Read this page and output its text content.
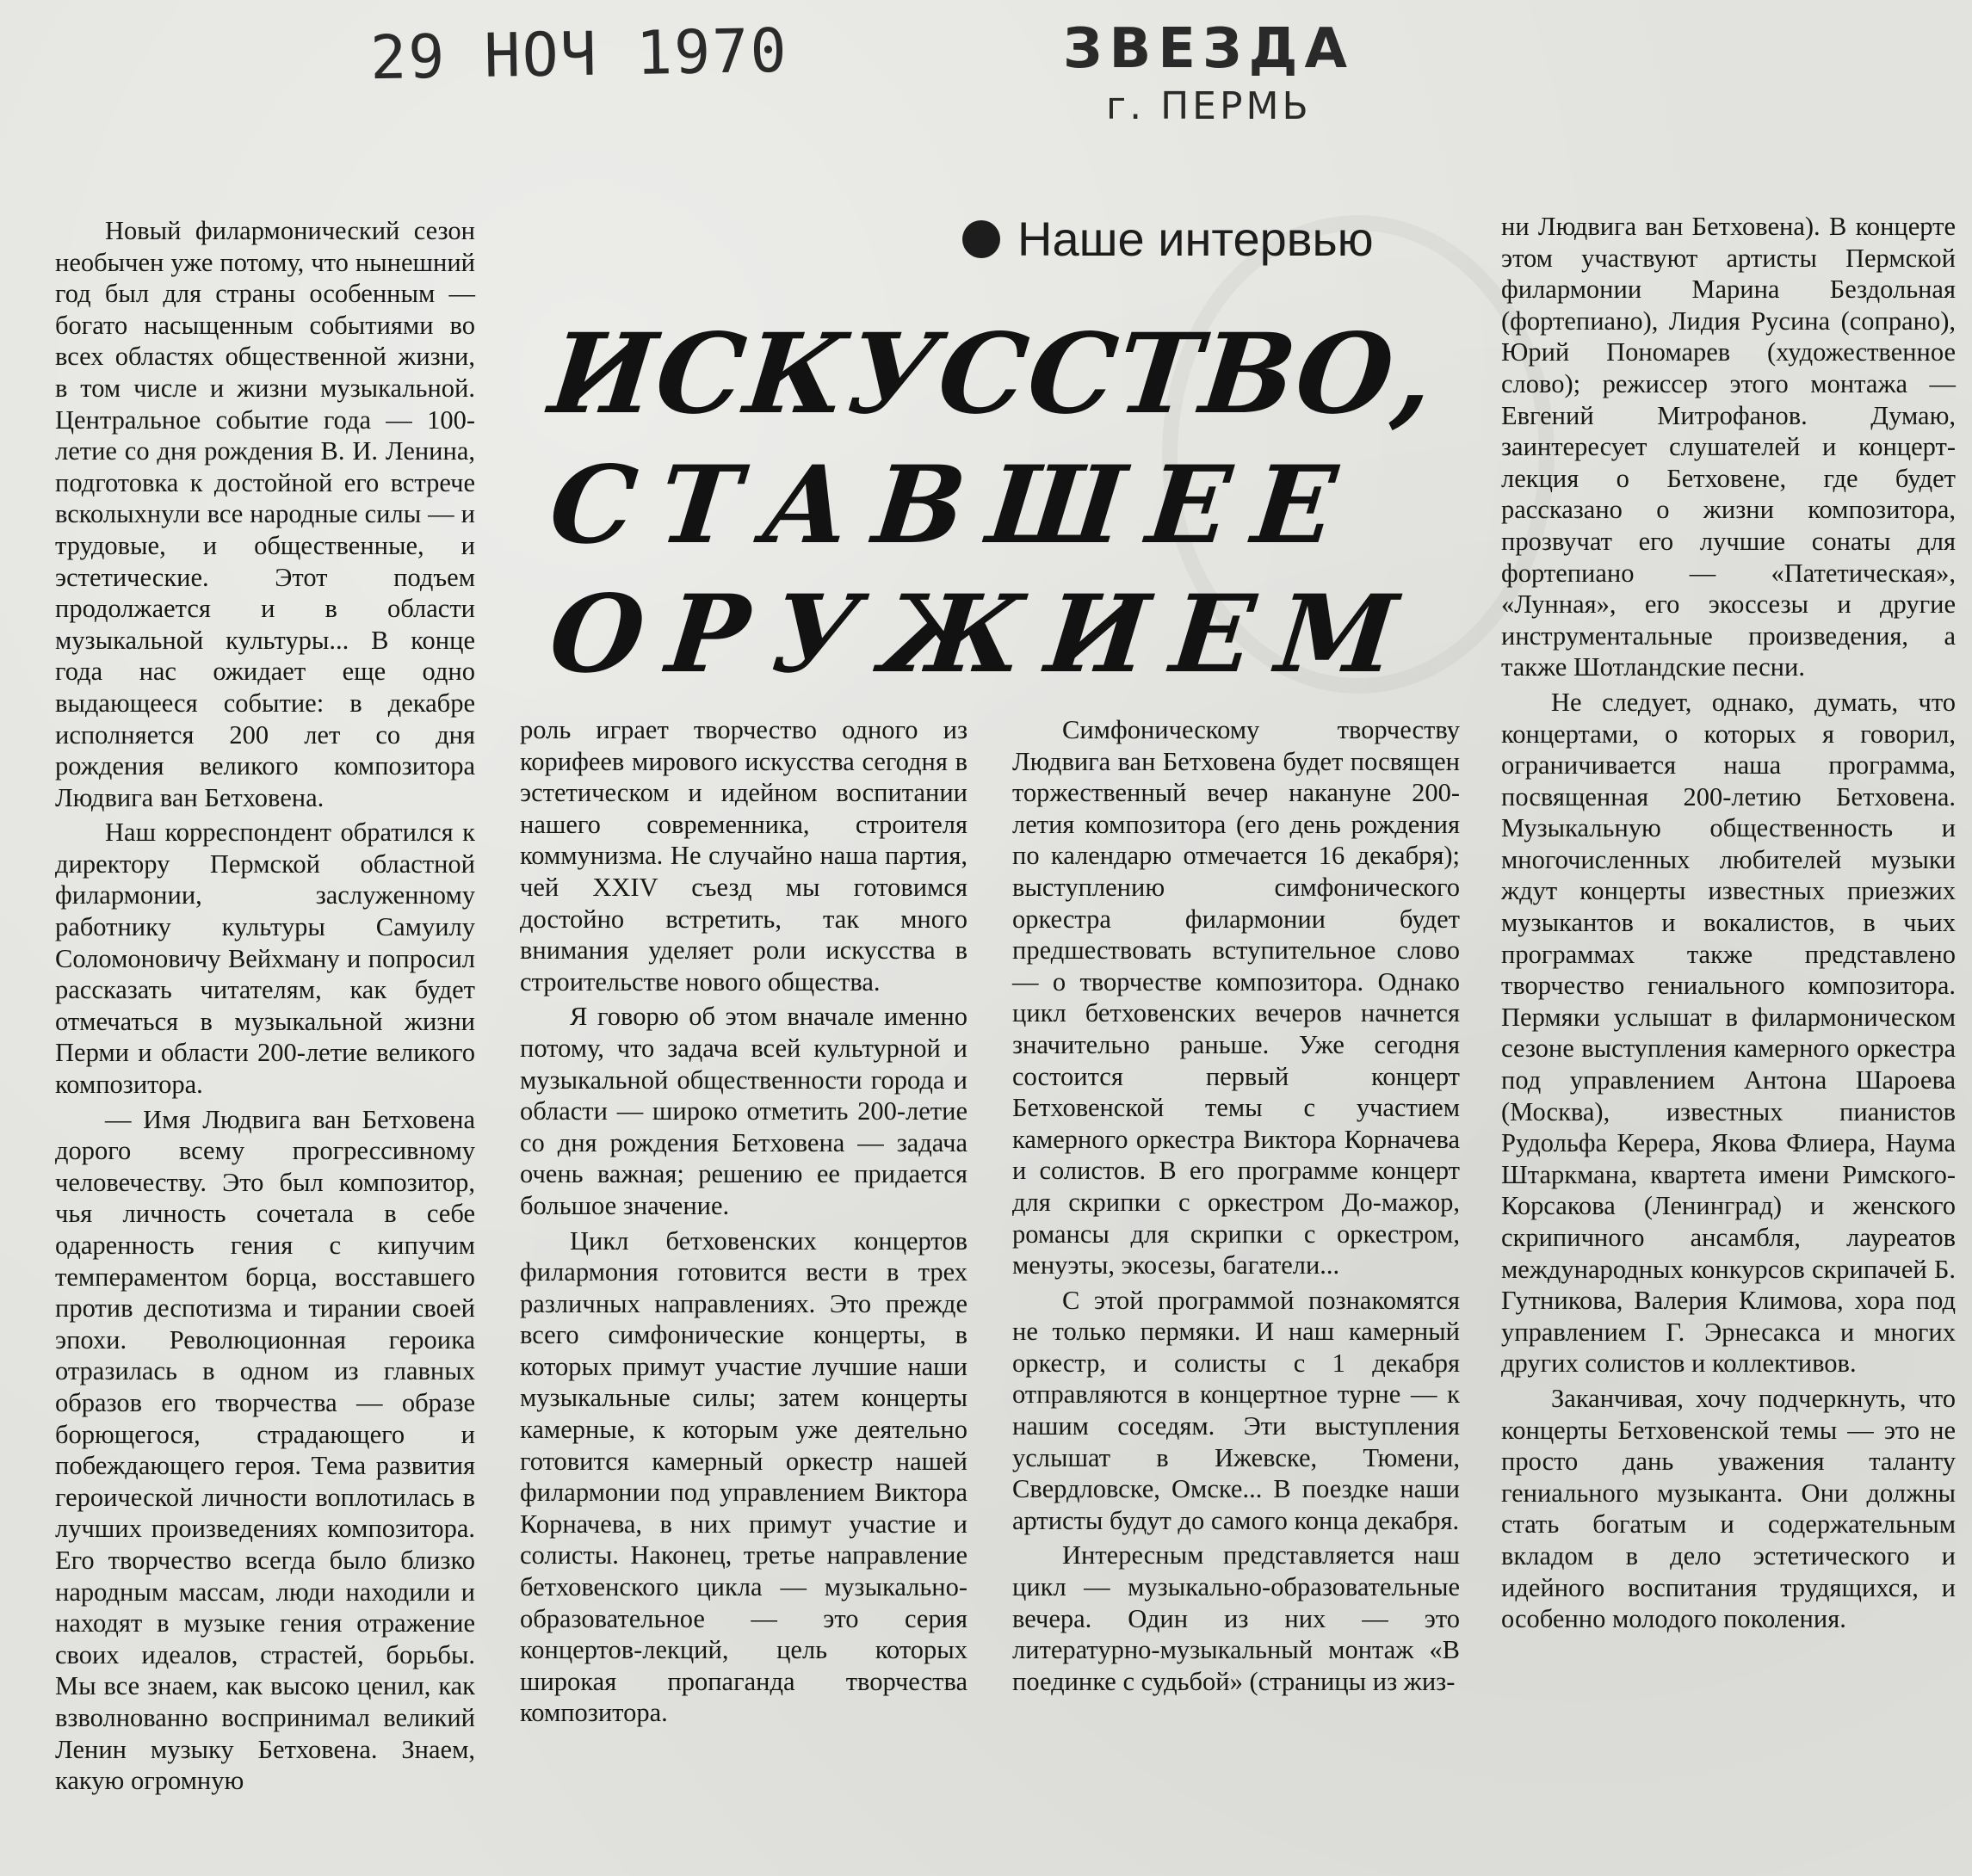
29 НОЧ 1970	ЗВЕЗДА
г. ПЕРМЬ
Наше интервью
ИСКУССТВО,
СТАВШЕЕ
ОРУЖИЕМ

Новый филармонический сезон необычен уже потому, что нынешний год был для страны особенным — богато насыщенным событиями во всех областях общественной жизни, в том числе и жизни музыкальной. Центральное событие года — 100-летие со дня рождения В. И. Ленина, подготовка к достойной его встрече всколыхнули все народные силы — и трудовые, и общественные, и эстетические. Этот подъем продолжается и в области музыкальной культуры... В конце года нас ожидает еще одно выдающееся событие: в декабре исполняется 200 лет со дня рождения великого композитора Людвига ван Бетховена.

Наш корреспондент обратился к директору Пермской областной филармонии, заслуженному работнику культуры Самуилу Соломоновичу Вейхману и попросил рассказать читателям, как будет отмечаться в музыкальной жизни Перми и области 200-летие великого композитора.

— Имя Людвига ван Бетховена дорого всему прогрессивному человечеству. Это был композитор, чья личность сочетала в себе одаренность гения с кипучим темпераментом борца, восставшего против деспотизма и тирании своей эпохи. Революционная героика отразилась в одном из главных образов его творчества — образе борющегося, страдающего и побеждающего героя. Тема развития героической личности воплотилась в лучших произведениях композитора. Его творчество всегда было близко народным массам, люди находили и находят в музыке гения отражение своих идеалов, страстей, борьбы. Мы все знаем, как высоко ценил, как взволнованно воспринимал великий Ленин музыку Бетховена. Знаем, какую огромную

роль играет творчество одного из корифеев мирового искусства сегодня в эстетическом и идейном воспитании нашего современника, строителя коммунизма. Не случайно наша партия, чей XXIV съезд мы готовимся достойно встретить, так много внимания уделяет роли искусства в строительстве нового общества.

Я говорю об этом вначале именно потому, что задача всей культурной и музыкальной общественности города и области — широко отметить 200-летие со дня рождения Бетховена — задача очень важная; решению ее придается большое значение.

Цикл бетховенских концертов филармония готовится вести в трех различных направлениях. Это прежде всего симфонические концерты, в которых примут участие лучшие наши музыкальные силы; затем концерты камерные, к которым уже деятельно готовится камерный оркестр нашей филармонии под управлением Виктора Корначева, в них примут участие и солисты. Наконец, третье направление бетховенского цикла — музыкально-образовательное — это серия концертов-лекций, цель которых широкая пропаганда творчества композитора.

Симфоническому творчеству Людвига ван Бетховена будет посвящен торжественный вечер накануне 200-летия композитора (его день рождения по календарю отмечается 16 декабря); выступлению симфонического оркестра филармонии будет предшествовать вступительное слово — о творчестве композитора. Однако цикл бетховенских вечеров начнется значительно раньше. Уже сегодня состоится первый концерт Бетховенской темы с участием камерного оркестра Виктора Корначева и солистов. В его программе концерт для скрипки с оркестром До-мажор, романсы для скрипки с оркестром, менуэты, экосезы, багатели...

С этой программой познакомятся не только пермяки. И наш камерный оркестр, и солисты с 1 декабря отправляются в концертное турне — к нашим соседям. Эти выступления услышат в Ижевске, Тюмени, Свердловске, Омске... В поездке наши артисты будут до самого конца декабря.

Интересным представляется наш цикл — музыкально-образовательные вечера. Один из них — это литературно-музыкальный монтаж «В поединке с судьбой» (страницы из жиз-

ни Людвига ван Бетховена). В концерте этом участвуют артисты Пермской филармонии Марина Бездольная (фортепиано), Лидия Русина (сопрано), Юрий Пономарев (художественное слово); режиссер этого монтажа — Евгений Митрофанов. Думаю, заинтересует слушателей и концерт-лекция о Бетховене, где будет рассказано о жизни композитора, прозвучат его лучшие сонаты для фортепиано — «Патетическая», «Лунная», его экоссезы и другие инструментальные произведения, а также Шотландские песни.

Не следует, однако, думать, что концертами, о которых я говорил, ограничивается наша программа, посвященная 200-летию Бетховена. Музыкальную общественность и многочисленных любителей музыки ждут концерты известных приезжих музыкантов и вокалистов, в чьих программах также представлено творчество гениального композитора. Пермяки услышат в филармоническом сезоне выступления камерного оркестра под управлением Антона Шароева (Москва), известных пианистов Рудольфа Керера, Якова Флиера, Наума Штаркмана, квартета имени Римского-Корсакова (Ленинград) и женского скрипичного ансамбля, лауреатов международных конкурсов скрипачей Б. Гутникова, Валерия Климова, хора под управлением Г. Эрнесакса и многих других солистов и коллективов.

Заканчивая, хочу подчеркнуть, что концерты Бетховенской темы — это не просто дань уважения таланту гениального музыканта. Они должны стать богатым и содержательным вкладом в дело эстетического и идейного воспитания трудящихся, и особенно молодого поколения.
